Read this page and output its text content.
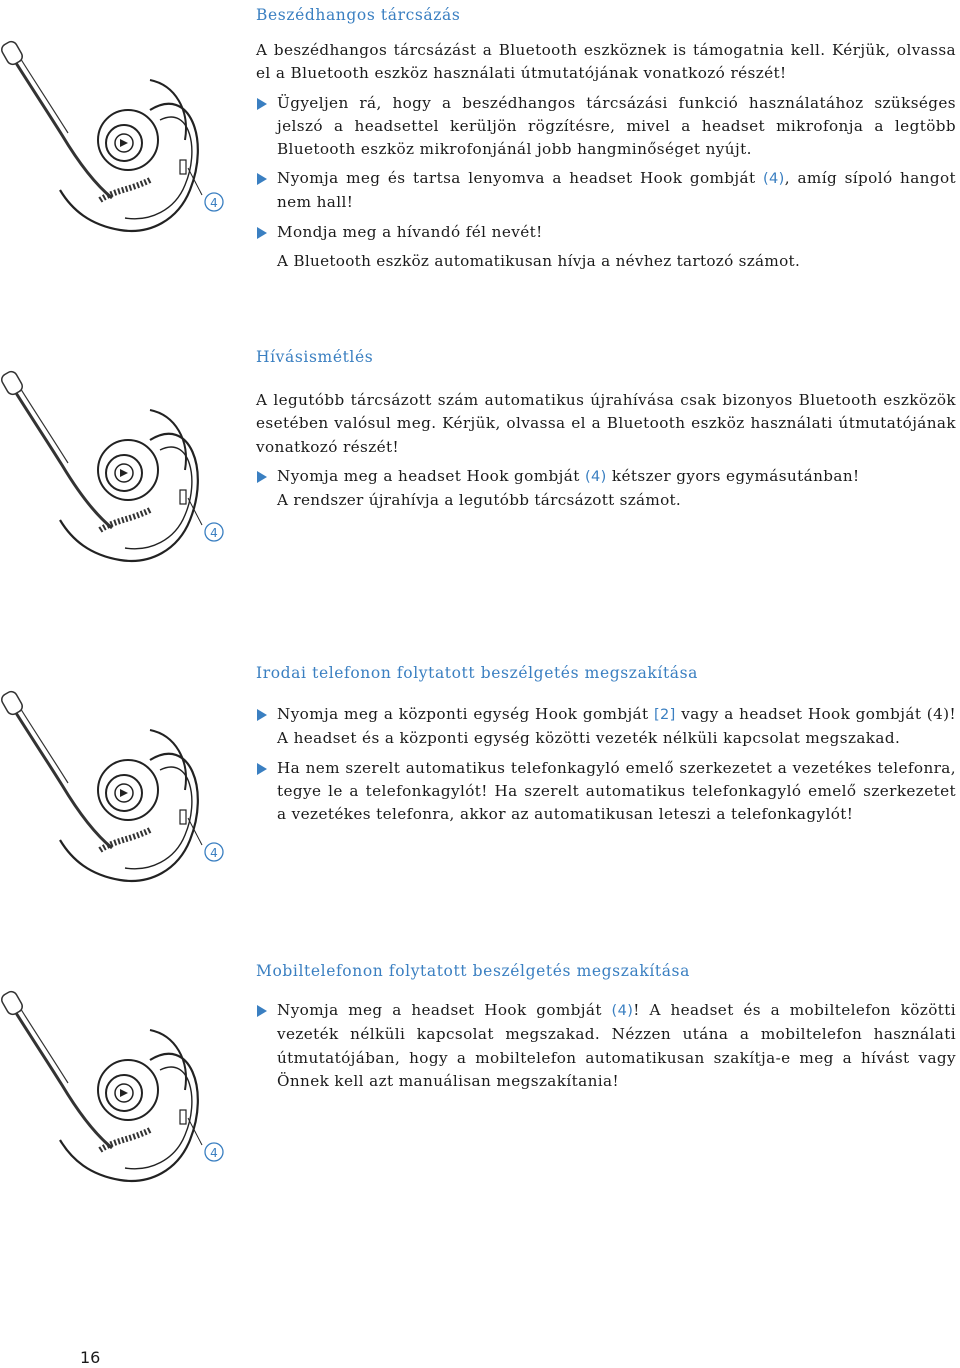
4
Beszédhangos tárcsázás

A beszédhangos tárcsázást a Bluetooth eszköznek is támogatnia kell. Kérjük, olvassa el a Bluetooth eszköz használati útmutatójának vonatkozó részét!

Ügyeljen rá, hogy a beszédhangos tárcsázási funkció használatához szükséges jelszó a headsettel kerüljön rögzítésre, mivel a headset mikrofonja a legtöbb Bluetooth eszköz mikrofonjánál jobb hangminőséget nyújt.
Nyomja meg és tartsa lenyomva a headset Hook gombját (4), amíg sípoló hangot nem hall!
Mondja meg a hívandó fél nevét!

A Bluetooth eszköz automatikusan hívja a névhez tartozó számot.

4
Hívásismétlés

A legutóbb tárcsázott szám automatikus újrahívása csak bizonyos Bluetooth eszközök esetében valósul meg. Kérjük, olvassa el a Bluetooth eszköz használati útmutatójának vonatkozó részét!

Nyomja meg a headset Hook gombját (4) kétszer gyors egymásutánban!

A rendszer újrahívja a legutóbb tárcsázott számot.

4
Irodai telefonon folytatott beszélgetés megszakítása
Nyomja meg a központi egység Hook gombját [2] vagy a headset Hook gombját (4)! A headset és a központi egység közötti vezeték nélküli kapcsolat megszakad.
Ha nem szerelt automatikus telefonkagyló emelő szerkezetet a vezetékes telefonra, tegye le a telefonkagylót! Ha szerelt automatikus telefonkagyló emelő szerkezetet a vezetékes telefonra, akkor az automatikusan leteszi a telefonkagylót!
4
Mobiltelefonon folytatott beszélgetés megszakítása
Nyomja meg a headset Hook gombját (4)! A headset és a mobiltelefon közötti vezeték nélküli kapcsolat megszakad. Nézzen utána a mobiltelefon használati útmutatójában, hogy a mobiltelefon automatikusan szakítja-e meg a hívást vagy Önnek kell azt manuálisan megszakítania!
16
